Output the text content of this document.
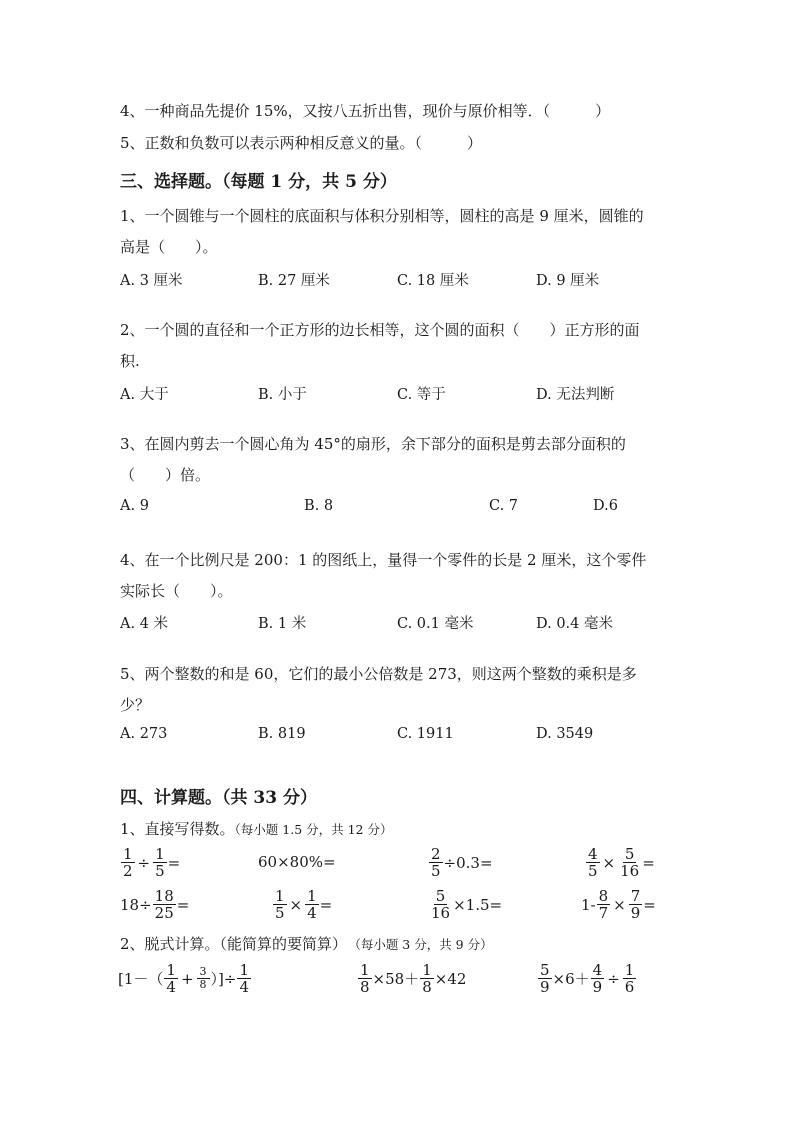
4、一种商品先提价 15%，又按八五折出售，现价与原价相等．（　　　）
5、正数和负数可以表示两种相反意义的量。（　　　）
三、选择题。（每题 1 分，共 5 分）
1、一个圆锥与一个圆柱的底面积与体积分别相等，圆柱的高是 9 厘米，圆锥的
高是（　　）。
A. 3 厘米	B. 27 厘米	C. 18 厘米	D. 9 厘米
2、一个圆的直径和一个正方形的边长相等，这个圆的面积（　　）正方形的面
积.
A. 大于	B. 小于	C. 等于	D. 无法判断
3、在圆内剪去一个圆心角为 45°的扇形，余下部分的面积是剪去部分面积的
（　　）倍。
A. 9	B. 8	C. 7	D.6
4、在一个比例尺是 200：1 的图纸上，量得一个零件的长是 2 厘米，这个零件
实际长（　　）。
A. 4 米	B. 1 米	C. 0.1 毫米	D. 0.4 毫米
5、两个整数的和是 60，它们的最小公倍数是 273，则这两个整数的乘积是多
少？
A. 273	B. 819	C. 1911	D. 3549
四、计算题。（共 33 分）
1、直接写得数。（每小题 1.5 分，共 12 分）
$\frac{1}{2} \div \frac{1}{5}$ =	60×80%=	$\frac{2}{5} \div 0.3=$	$\frac{4}{5} \times \frac{5}{16}$ =
$18\div \frac{18}{25}$ =	$\frac{1}{5} \times \frac{1}{4}$ =	$\frac{5}{16} \times 1.5=$	$1- \frac{8}{7} \times \frac{7}{9}$ =
2、脱式计算。（能简算的要简算）　 （每小题 3 分，共 9 分）
[$1-( \frac{1}{4} + \frac{3}{8}$ ）]÷ $\frac{1}{4}$	$\frac{1}{8} \times 58+ \frac{1}{8} \times 42$	$\frac{5}{9} \times 6+ \frac{4}{9} \div \frac{1}{6}$
